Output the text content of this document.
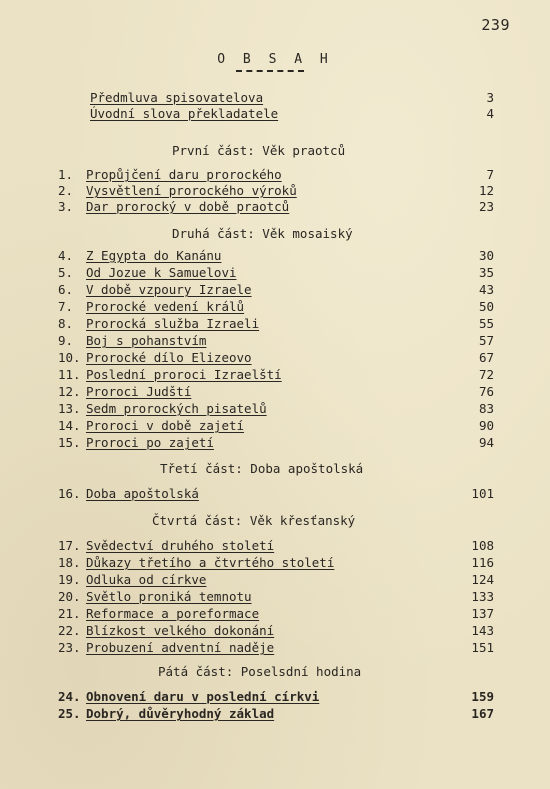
239
O B S A H
Předmluva spisovatelova	3
Úvodní slova překladatele	4
První část: Věk praotců
1.	Propůjčení daru prorockého	7
2.	Vysvětlení prorockého výroků	12
3.	Dar prorocký v době praotců	23
Druhá část: Věk mosaiský
4.	Z Egypta do Kanánu	30
5.	Od Jozue k Samuelovi	35
6.	V době vzpoury Izraele	43
7.	Prorocké vedení králů	50
8.	Prorocká služba Izraeli	55
9.	Boj s pohanstvím	57
10. Prorocké dílo Elizeovo	67
11. Poslední proroci Izraelští	72
12. Proroci Judští	76
13. Sedm prorockých pisatelů	83
14. Proroci v době zajetí	90
15. Proroci po zajetí	94
Třetí část: Doba apoštolská
16. Doba apoštolská	101
Čtvrtá část: Věk křesťanský
17. Svědectví druhého století	108
18. Důkazy třetího a čtvrtého století	116
19. Odluka od církve	124
20. Světlo proniká temnotu	133
21. Reformace a poreformace	137
22. Blízkost velkého dokonání	143
23. Probuzení adventní naděje	151
Pátá část: Poselsdní hodina
24. Obnovení daru v poslední církvi	159
25. Dobrý, důvěryhodný základ	167
